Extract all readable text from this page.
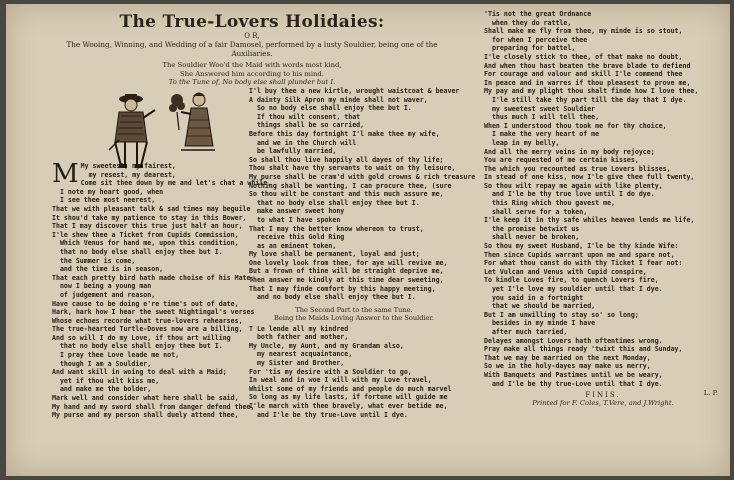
The True-Lovers Holidaies:
O R,
The Wooing, Winning, and Wedding of a fair Damosel, performed by a lusty Souldier, being one of the Auxiliaries.
The Souldier Woo'd the Maid with words most kind,
She Answered him according to his mind.
To the Tune of, No body else shall plunder but I.
M My sweetest, my fairest,
my resest, my dearest,
Come sit thee down by me and let's chat a while,
I note my heart good, when
I see thee most neerest,
That we with pleasant talk & sad times may beguile
It shou'd take my patience to stay in this Bower,
That I may discover this true just half an hour,
I'le shew thee a Ticket from Cupids Commission,
Which Venus for hand me, upon this condition,
that no body else shall enjoy thee but I.
the Summer is come,
and the time is in season,
That each pretty bird hath made choise of his Mate,
now I being a young man
of judgement and reason,
Have cause to be doing e're time's out of date,
Hark, hark how I hear the sweet Nightingal's verses
Whose echoes recorde what true-lovers rehearses,
The true-hearted Turtle-Doves now are a billing,
And so will I do my Love, if thou art willing
that no body else shall enjoy thee but I.
I pray thee Love leade me not,
though I am a Souldier,
And want skill in woing to deal with a Maid;
yet if thou wilt kiss me,
and make me the bolder,
Mark well and consider what here shall be said,
My hand and my sword shall from danger defend thee,
My purse and my person shall duely attend thee,
I'l buy thee a new kirtle, wrought waistcoat & beaver
A dainty Silk Apron my minde shall not waver,
So no body else shall enjoy thee but I.
If thou wilt consent, that
things shall be so carried,
Before this day fortnight I'l make thee my wife,
and we in the Church will
be lawfully married,
So shall thou live happily all dayes of thy life;
Thou shalt have thy servants to wait on thy leisure,
My purse shall be cram'd with gold crowns & rich treasure
Nothing shall be wanting, I can procure thee, (sure
So thou wilt be constant and this much assure me,
that no body else shall enjoy thee but I.
make answer sweet hony
to what I have spoken
That I may the better know whereon to trust,
receive this Gold Ring
as an eminent token,
My love shall be permanent, loyal and just;
One lovely look from thee, for aye will revive me,
But a frown of thine will be straight deprive me,
Then answer me kindly at this time dear sweeting,
That I may finde comfort by this happy meeting,
and no body else shall enjoy thee but I.
The Second Part to the same Tune.
Being the Maids Loving Answer to the Souldier.
T Le lende all my kindred
both father and mother,
My Uncle, my Aunt, and my Grandam also,
my nearest acquaintance,
my Sister and Brother,
For 'tis my desire with a Souldier to go,
In weal and in woe I will with my Love travel,
Whilst some of my friends and people do much marvel
So long as my life lasts, if fortune will guide me
I'le march with thee bravely, what ever betide me,
and I'le be thy true-Love until I dye.
'Tis not the great Ordnance
when they do rattle,
Shall make me fly from thee, my minde is so stout,
for when I perceive thee
preparing for battel,
I'le closely stick to thee, of that make no doubt,
And when thou hast beaten the brave blade to defiend
For courage and valour and skill I'le commend thee
In peace and in warres if thou pleasest to prove me,
My pay and my plight thou shalt finde how I love thee,
I'le still take thy part till the day that I dye.
my sweetest sweet Souldier
thus much I will tell thee,
When I understood thou took me for thy choice,
I make the very heart of me
leap in my belly,
And all the merry veins in my body rejoyce;
You are requested of me certain kisses,
The which you recounted as true Lovers blisses,
In stead of one kiss, now I'le give thee full twenty,
So thou wilt repay me again with like plenty,
and I'le be thy true love until I do dye.
this Ring which thou gavest me,
shall serve for a token,
I'le keep it in thy safe whiles heaven lends me life,
the promise betwixt us
shall never be broken,
So thou my sweet Husband, I'le be thy kinde Wife:
Then since Cupids warrant upon me and spare not,
For what thou canst do with thy Ticket I fear not:
Let Vulcan and Venus with Cupid conspire,
To kindle Loves fire, to quench Lovers fire,
yet I'le love my souldier until that I dye.
you said in a fortnight
that we should be married,
But I am unwilling to stay so' so long;
besides in my minde I have
after much tarried,
Delayes amongst Lovers hath oftentimes wrong.
Pray make all things ready 'twixt this and Sunday,
That we may be married on the next Monday,
So we in the holy-dayes may make us merry,
With Banquets and Pastimes until we be weary,
and I'le be thy true-Love until that I dye.
FINIS.	L. P.
Printed for F. Coles, T.Vere, and J.Wright.
